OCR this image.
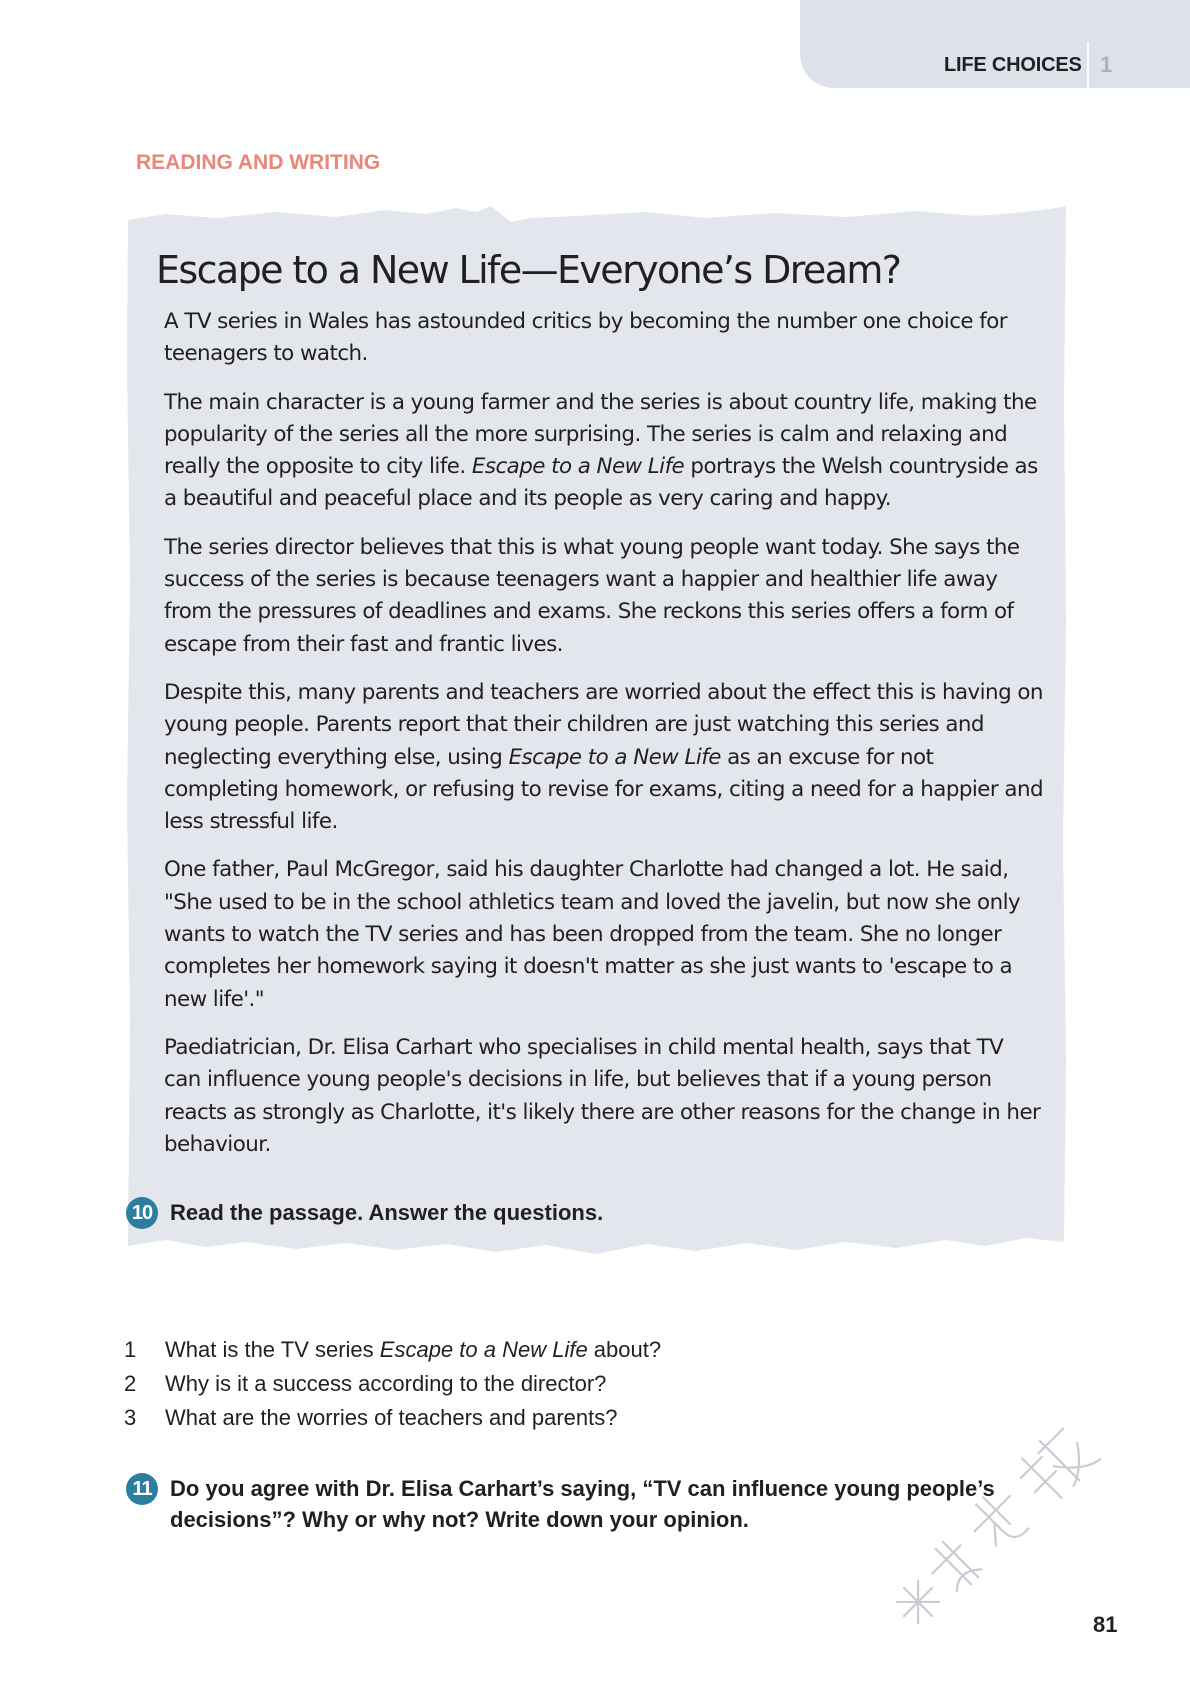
LIFE CHOICES 1
READING AND WRITING
Escape to a New Life—Everyone’s Dream?

A TV series in Wales has astounded critics by becoming the number one choice for teenagers to watch.

The main character is a young farmer and the series is about country life, making the popularity of the series all the more surprising. The series is calm and relaxing and really the opposite to city life. Escape to a New Life portrays the Welsh countryside as a beautiful and peaceful place and its people as very caring and happy.

The series director believes that this is what young people want today. She says the success of the series is because teenagers want a happier and healthier life away from the pressures of deadlines and exams. She reckons this series offers a form of escape from their fast and frantic lives.

Despite this, many parents and teachers are worried about the effect this is having on young people. Parents report that their children are just watching this series and neglecting everything else, using Escape to a New Life as an excuse for not completing homework, or refusing to revise for exams, citing a need for a happier and less stressful life.

One father, Paul McGregor, said his daughter Charlotte had changed a lot. He said, "She used to be in the school athletics team and loved the javelin, but now she only wants to watch the TV series and has been dropped from the team. She no longer completes her homework saying it doesn't matter as she just wants to 'escape to a new life'."

Paediatrician, Dr. Elisa Carhart who specialises in child mental health, says that TV can influence young people's decisions in life, but believes that if a young person reacts as strongly as Charlotte, it's likely there are other reasons for the change in her behaviour.

10 Read the passage. Answer the questions.
1	What is the TV series Escape to a New Life about?
2	Why is it a success according to the director?
3	What are the worries of teachers and parents?
11 Do you agree with Dr. Elisa Carhart’s saying, “TV can influence young people’s decisions”? Why or why not? Write down your opinion.
81
